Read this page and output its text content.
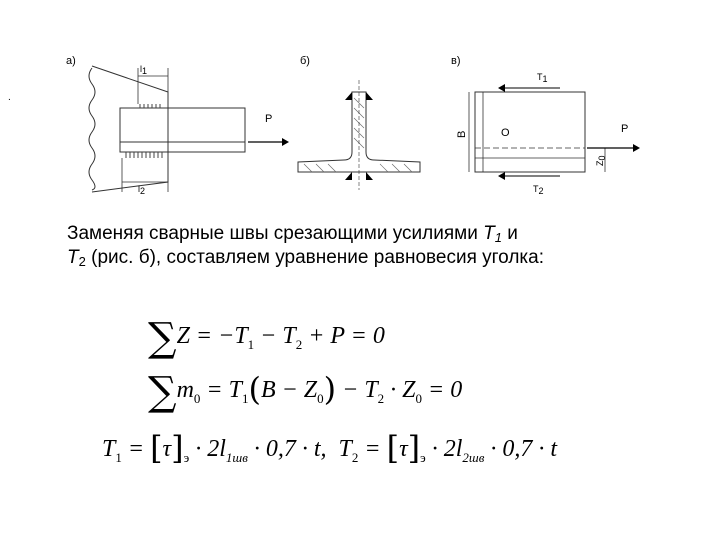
.
а)
l1
l2
P
б)	в)
T1
T2
B	O
Z0
P

Заменяя сварные швы срезающими усилиями $T_1$ и
$T_2$ (рис. б), составляем уравнение равновесия уголка:

$\sum Z = -T_1 - T_2 + P = 0$
$\sum m_0 = T_1(B - Z_0) - T_2 \cdot Z_0 = 0$
$T_1 = [\tau]_э \cdot 2l_{1шв} \cdot 0,7 \cdot t$, $T_2 = [\tau]_э \cdot 2l_{2шв} \cdot 0,7 \cdot t$
